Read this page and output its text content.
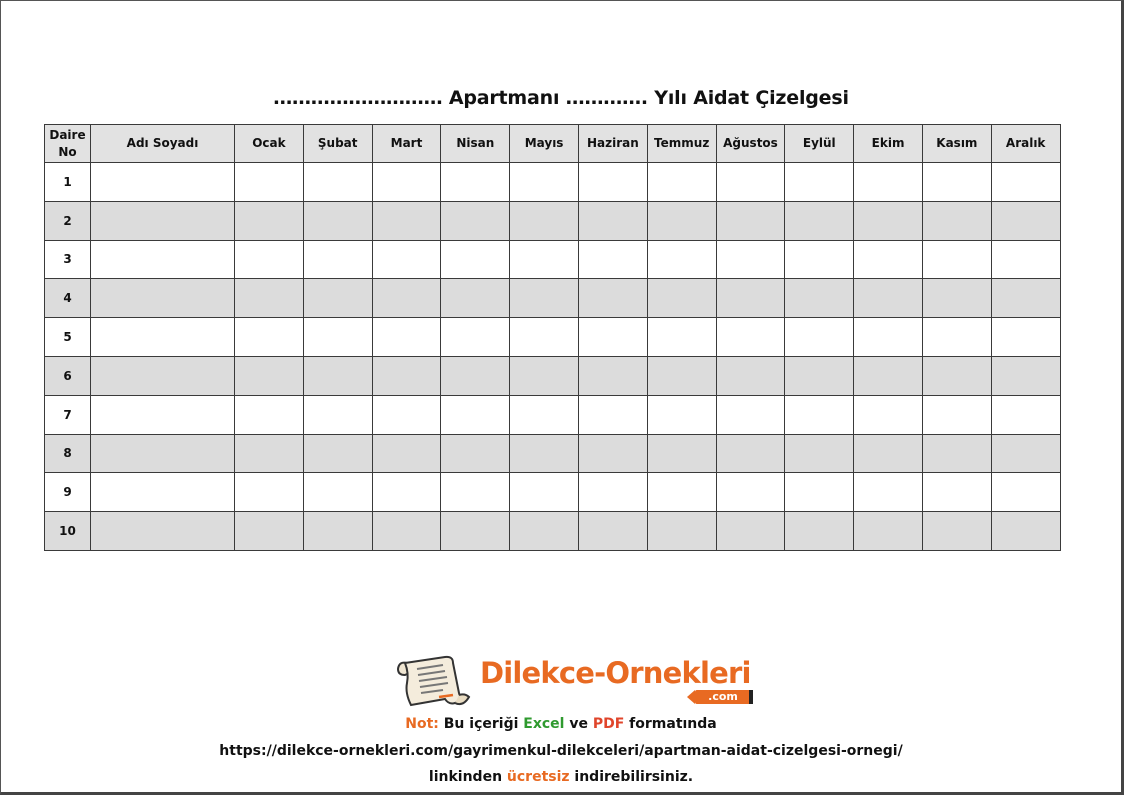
……………………… Apartmanı …………. Yılı Aidat Çizelgesi
Daire
No	Adı Soyadı	Ocak	Şubat	Mart	Nisan	Mayıs	Haziran	Temmuz	Ağustos	Eylül	Ekim	Kasım	Aralık
1													
2													
3													
4													
5													
6													
7													
8													
9													
10													
Dilekce-Ornekleri
.com
Not: Bu içeriği Excel ve PDF formatında
https://dilekce-ornekleri.com/gayrimenkul-dilekceleri/apartman-aidat-cizelgesi-ornegi/
linkinden ücretsiz indirebilirsiniz.
